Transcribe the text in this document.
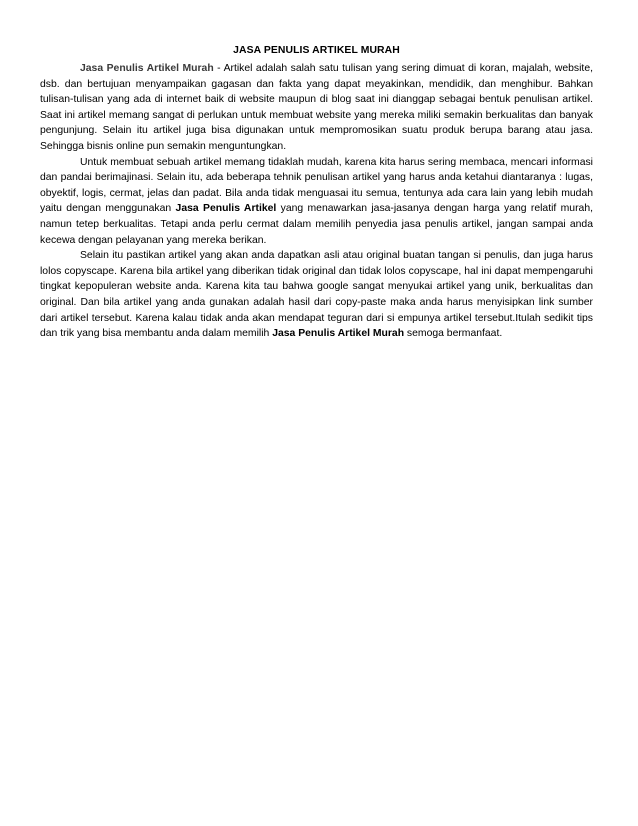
JASA PENULIS ARTIKEL MURAH

Jasa Penulis Artikel Murah - Artikel adalah salah satu tulisan yang sering dimuat di koran, majalah, website, dsb. dan bertujuan menyampaikan gagasan dan fakta yang dapat meyakinkan, mendidik, dan menghibur. Bahkan tulisan-tulisan yang ada di internet baik di website maupun di blog saat ini dianggap sebagai bentuk penulisan artikel. Saat ini artikel memang sangat di perlukan untuk membuat website yang mereka miliki semakin berkualitas dan banyak pengunjung. Selain itu artikel juga bisa digunakan untuk mempromosikan suatu produk berupa barang atau jasa. Sehingga bisnis online pun semakin menguntungkan.

Untuk membuat sebuah artikel memang tidaklah mudah, karena kita harus sering membaca, mencari informasi dan pandai berimajinasi. Selain itu, ada beberapa tehnik penulisan artikel yang harus anda ketahui diantaranya : lugas, obyektif, logis, cermat, jelas dan padat. Bila anda tidak menguasai itu semua, tentunya ada cara lain yang lebih mudah yaitu dengan menggunakan Jasa Penulis Artikel yang menawarkan jasa-jasanya dengan harga yang relatif murah, namun tetep berkualitas. Tetapi anda perlu cermat dalam memilih penyedia jasa penulis artikel, jangan sampai anda kecewa dengan pelayanan yang mereka berikan.

Selain itu pastikan artikel yang akan anda dapatkan asli atau original buatan tangan si penulis, dan juga harus lolos copyscape. Karena bila artikel yang diberikan tidak original dan tidak lolos copyscape, hal ini dapat mempengaruhi tingkat kepopuleran website anda. Karena kita tau bahwa google sangat menyukai artikel yang unik, berkualitas dan original. Dan bila artikel yang anda gunakan adalah hasil dari copy-paste maka anda harus menyisipkan link sumber dari artikel tersebut. Karena kalau tidak anda akan mendapat teguran dari si empunya artikel tersebut.Itulah sedikit tips dan trik yang bisa membantu anda dalam memilih Jasa Penulis Artikel Murah semoga bermanfaat.
